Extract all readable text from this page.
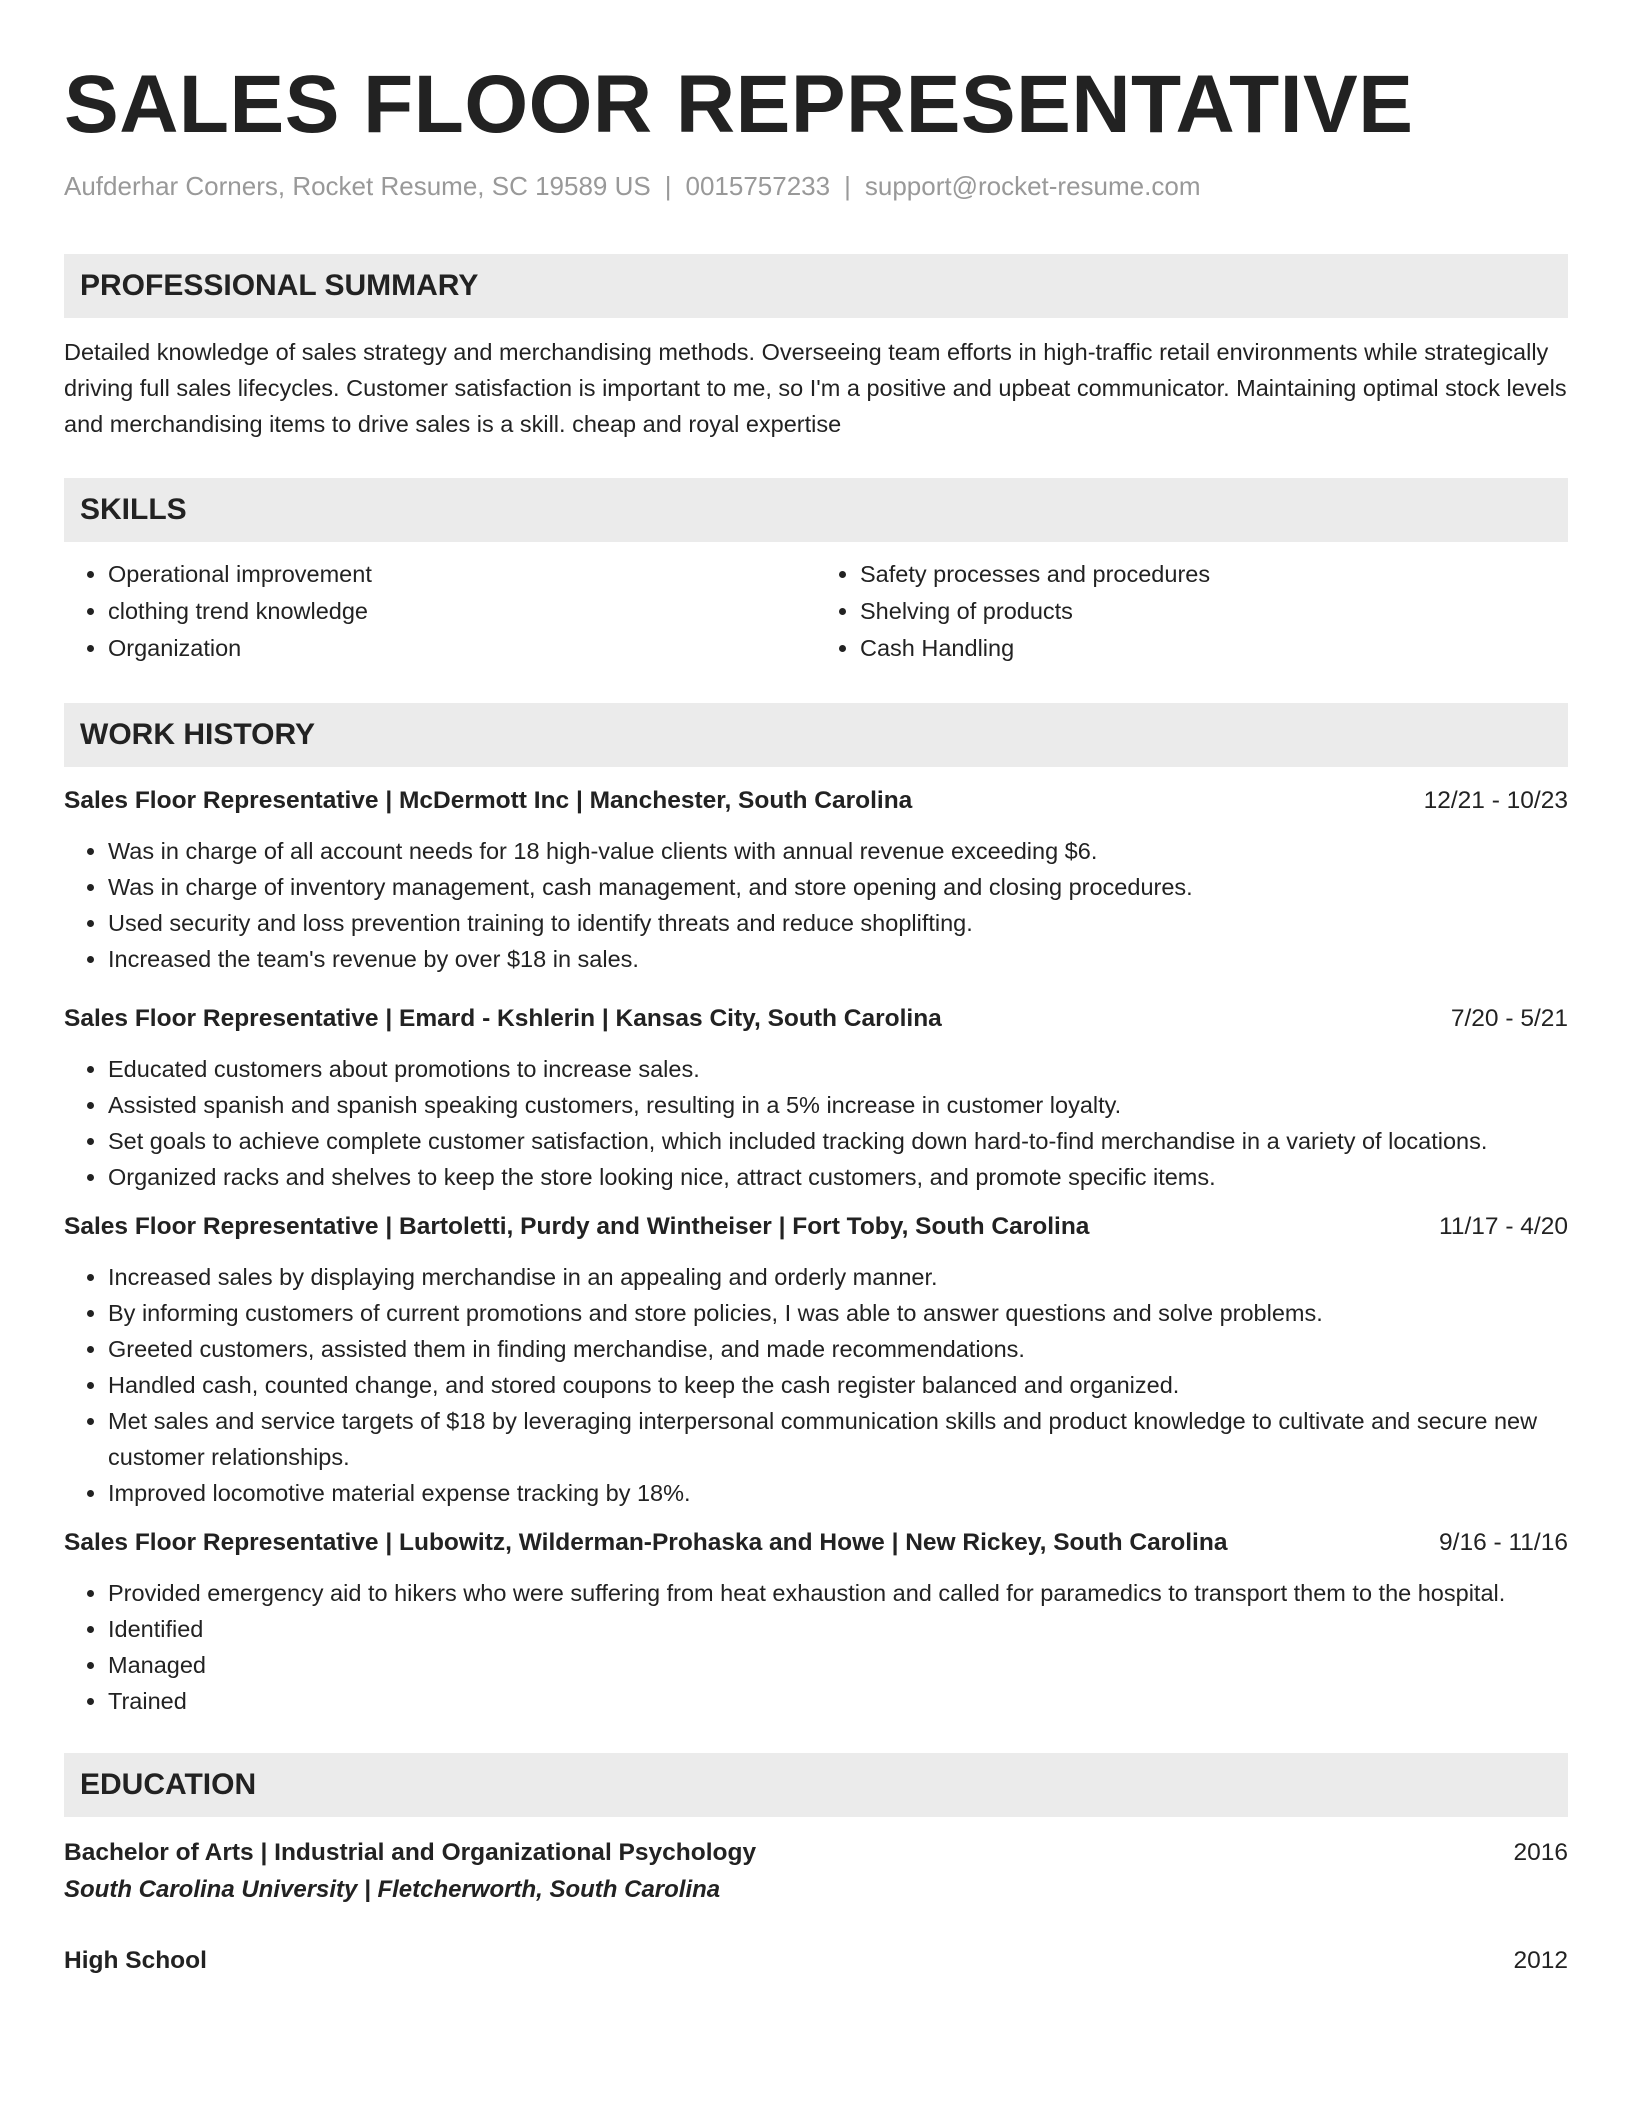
SALES FLOOR REPRESENTATIVE
Aufderhar Corners, Rocket Resume, SC 19589 US | 0015757233 | support@rocket-resume.com
PROFESSIONAL SUMMARY
Detailed knowledge of sales strategy and merchandising methods. Overseeing team efforts in high-traffic retail environments while strategically driving full sales lifecycles. Customer satisfaction is important to me, so I'm a positive and upbeat communicator. Maintaining optimal stock levels and merchandising items to drive sales is a skill. cheap and royal expertise
SKILLS
• Operational improvement
• clothing trend knowledge
• Organization
• Safety processes and procedures
• Shelving of products
• Cash Handling
WORK HISTORY
Sales Floor Representative | McDermott Inc | Manchester, South Carolina	12/21 - 10/23
• Was in charge of all account needs for 18 high-value clients with annual revenue exceeding $6.
• Was in charge of inventory management, cash management, and store opening and closing procedures.
• Used security and loss prevention training to identify threats and reduce shoplifting.
• Increased the team's revenue by over $18 in sales.
Sales Floor Representative | Emard - Kshlerin | Kansas City, South Carolina	7/20 - 5/21
• Educated customers about promotions to increase sales.
• Assisted spanish and spanish speaking customers, resulting in a 5% increase in customer loyalty.
• Set goals to achieve complete customer satisfaction, which included tracking down hard-to-find merchandise in a variety of locations.
• Organized racks and shelves to keep the store looking nice, attract customers, and promote specific items.
Sales Floor Representative | Bartoletti, Purdy and Wintheiser | Fort Toby, South Carolina	11/17 - 4/20
• Increased sales by displaying merchandise in an appealing and orderly manner.
• By informing customers of current promotions and store policies, I was able to answer questions and solve problems.
• Greeted customers, assisted them in finding merchandise, and made recommendations.
• Handled cash, counted change, and stored coupons to keep the cash register balanced and organized.
• Met sales and service targets of $18 by leveraging interpersonal communication skills and product knowledge to cultivate and secure new customer relationships.
• Improved locomotive material expense tracking by 18%.
Sales Floor Representative | Lubowitz, Wilderman-Prohaska and Howe | New Rickey, South Carolina	9/16 - 11/16
• Provided emergency aid to hikers who were suffering from heat exhaustion and called for paramedics to transport them to the hospital.
• Identified
• Managed
• Trained
EDUCATION
Bachelor of Arts | Industrial and Organizational Psychology	2016
South Carolina University | Fletcherworth, South Carolina
High School	2012
